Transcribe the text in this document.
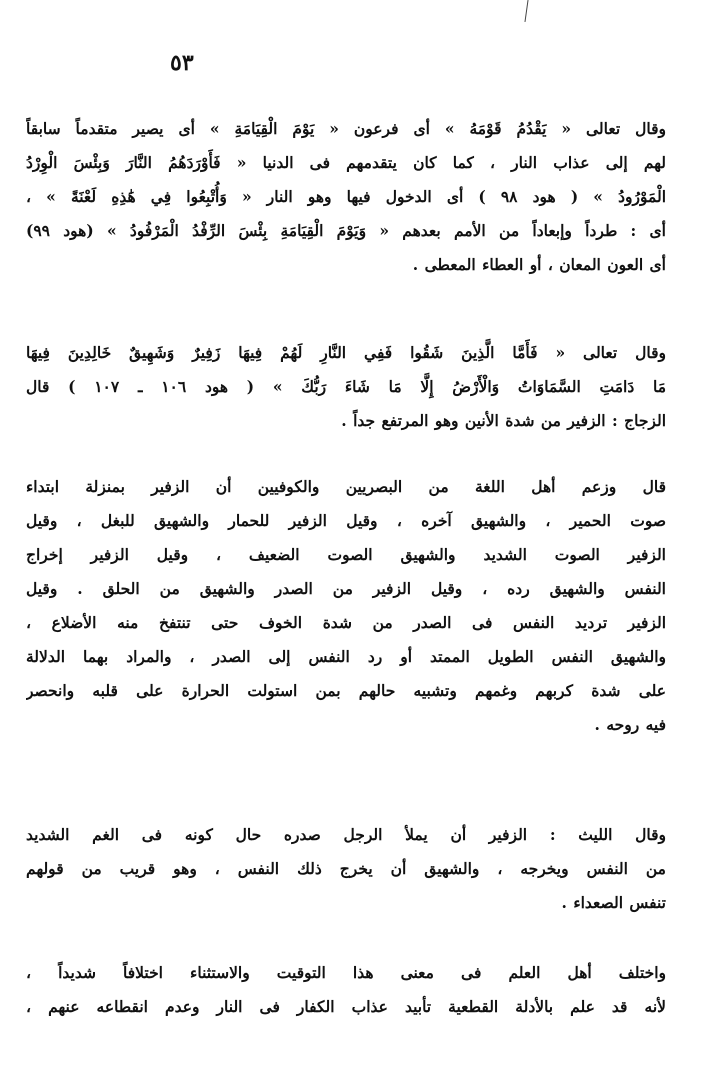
٥٣
وقال تعالى « يَقْدُمُ قَوْمَهُ » أى فرعون « يَوْمَ الْقِيَامَةِ » أى يصير متقدماً سابقاً
لهم إلى عذاب النار ، كما كان يتقدمهم فى الدنيا « فَأَوْرَدَهُمُ النَّارَ وَبِئْسَ الْوِرْدُ
الْمَوْرُودُ » ( هود ٩٨ ) أى الدخول فيها وهو النار « وَأُتْبِعُوا فِي هَٰذِهِ لَعْنَةً » ،
أى : طرداً وإبعاداً من الأمم بعدهم « وَيَوْمَ الْقِيَامَةِ بِئْسَ الرِّفْدُ الْمَرْفُودُ » (هود ٩٩)
أى العون المعان ، أو العطاء المعطى .
وقال تعالى « فَأَمَّا الَّذِينَ شَقُوا فَفِي النَّارِ لَهُمْ فِيهَا زَفِيرٌ وَشَهِيقٌ خَالِدِينَ فِيهَا
مَا دَامَتِ السَّمَاوَاتُ وَالْأَرْضُ إِلَّا مَا شَاءَ رَبُّكَ » ( هود ١٠٦ ـ ١٠٧ ) قال
الزجاج : الزفير من شدة الأنين وهو المرتفع جداً .
قال وزعم أهل اللغة من البصريين والكوفيين أن الزفير بمنزلة ابتداء
صوت الحمير ، والشهيق آخره ، وقيل الزفير للحمار والشهيق للبغل ، وقيل
الزفير الصوت الشديد والشهيق الصوت الضعيف ، وقيل الزفير إخراج
النفس والشهيق رده ، وقيل الزفير من الصدر والشهيق من الحلق . وقيل
الزفير ترديد النفس فى الصدر من شدة الخوف حتى تنتفخ منه الأضلاع ،
والشهيق النفس الطويل الممتد أو رد النفس إلى الصدر ، والمراد بهما الدلالة
على شدة كربهم وغمهم وتشبيه حالهم بمن استولت الحرارة على قلبه وانحصر
فيه روحه .
وقال الليث : الزفير أن يملأ الرجل صدره حال كونه فى الغم الشديد
من النفس ويخرجه ، والشهيق أن يخرج ذلك النفس ، وهو قريب من قولهم
تنفس الصعداء .
واختلف أهل العلم فى معنى هذا التوقيت والاستثناء اختلافاً شديداً ،
لأنه قد علم بالأدلة القطعية تأبيد عذاب الكفار فى النار وعدم انقطاعه عنهم ،
